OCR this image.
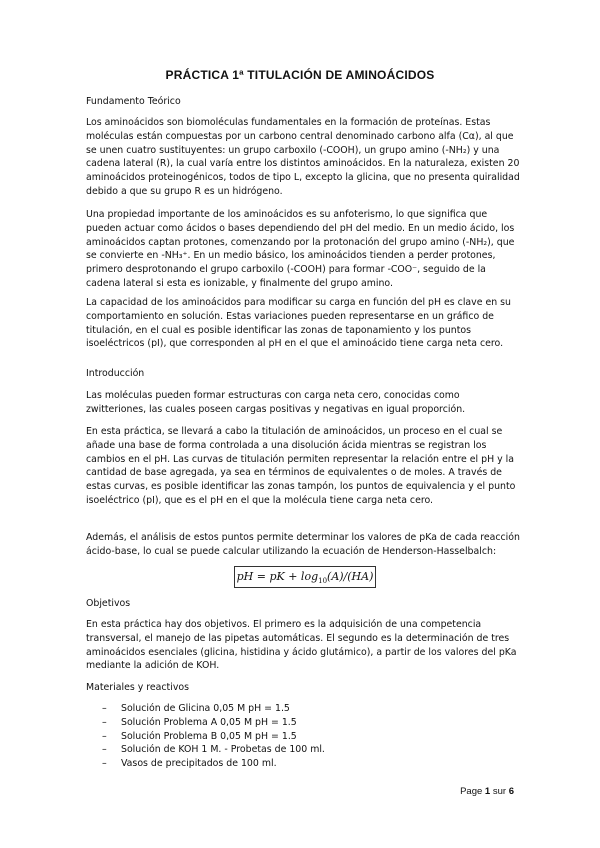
PRÁCTICA 1ª TITULACIÓN DE AMINOÁCIDOS
Fundamento Teórico

Los aminoácidos son biomoléculas fundamentales en la formación de proteínas. Estas moléculas están compuestas por un carbono central denominado carbono alfa (Cα), al que se unen cuatro sustituyentes: un grupo carboxilo (-COOH), un grupo amino (-NH₂) y una cadena lateral (R), la cual varía entre los distintos aminoácidos. En la naturaleza, existen 20 aminoácidos proteinogénicos, todos de tipo L, excepto la glicina, que no presenta quiralidad debido a que su grupo R es un hidrógeno.

Una propiedad importante de los aminoácidos es su anfoterismo, lo que significa que pueden actuar como ácidos o bases dependiendo del pH del medio. En un medio ácido, los aminoácidos captan protones, comenzando por la protonación del grupo amino (-NH₂), que se convierte en -NH₃⁺. En un medio básico, los aminoácidos tienden a perder protones, primero desprotonando el grupo carboxilo (-COOH) para formar -COO⁻, seguido de la cadena lateral si esta es ionizable, y finalmente del grupo amino.

La capacidad de los aminoácidos para modificar su carga en función del pH es clave en su comportamiento en solución. Estas variaciones pueden representarse en un gráfico de titulación, en el cual es posible identificar las zonas de taponamiento y los puntos isoeléctricos (pI), que corresponden al pH en el que el aminoácido tiene carga neta cero.

Introducción

Las moléculas pueden formar estructuras con carga neta cero, conocidas como zwitteriones, las cuales poseen cargas positivas y negativas en igual proporción.

En esta práctica, se llevará a cabo la titulación de aminoácidos, un proceso en el cual se añade una base de forma controlada a una disolución ácida mientras se registran los cambios en el pH. Las curvas de titulación permiten representar la relación entre el pH y la cantidad de base agregada, ya sea en términos de equivalentes o de moles. A través de estas curvas, es posible identificar las zonas tampón, los puntos de equivalencia y el punto isoeléctrico (pI), que es el pH en el que la molécula tiene carga neta cero.

Además, el análisis de estos puntos permite determinar los valores de pKa de cada reacción ácido-base, lo cual se puede calcular utilizando la ecuación de Henderson-Hasselbalch:

pH = pK + $\log_{10}(A)/(HA)$
Objetivos

En esta práctica hay dos objetivos. El primero es la adquisición de una competencia transversal, el manejo de las pipetas automáticas. El segundo es la determinación de tres aminoácidos esenciales (glicina, histidina y ácido glutámico), a partir de los valores del pKa mediante la adición de KOH.

Materiales y reactivos
– Solución de Glicina 0,05 M pH = 1.5
– Solución Problema A 0,05 M pH = 1.5
– Solución Problema B 0,05 M pH = 1.5
– Solución de KOH 1 M. - Probetas de 100 ml.
– Vasos de precipitados de 100 ml.
Page 1 sur 6
